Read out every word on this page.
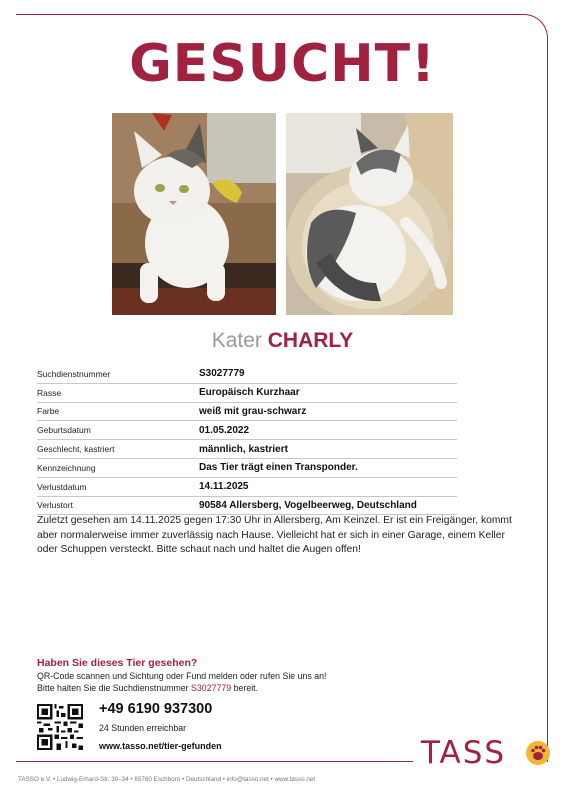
GESUCHT!
Kater CHARLY
Suchdienstnummer	S3027779
Rasse	Europäisch Kurzhaar
Farbe	weiß mit grau-schwarz
Geburtsdatum	01.05.2022
Geschlecht, kastriert	männlich, kastriert
Kennzeichnung	Das Tier trägt einen Transponder.
Verlustdatum	14.11.2025
Verlustort	90584 Allersberg, Vogelbeerweg, Deutschland

Zuletzt gesehen am 14.11.2025 gegen 17:30 Uhr in Allersberg, Am Keinzel. Er ist ein Freigänger, kommt aber normalerweise immer zuverlässig nach Hause. Vielleicht hat er sich in einer Garage, einem Keller oder Schuppen versteckt. Bitte schaut nach und haltet die Augen offen!

Haben Sie dieses Tier gesehen?
QR-Code scannen und Sichtung oder Fund melden oder rufen Sie uns an!
Bitte halten Sie die Suchdienstnummer S3027779 bereit.
+49 6190 937300
24 Stunden erreichbar
www.tasso.net/tier-gefunden	TASS
TASSO e.V. • Ludwig-Erhard-Str. 30–34 • 65760 Eschborn • Deutschland • info@tasso.net • www.tasso.net
